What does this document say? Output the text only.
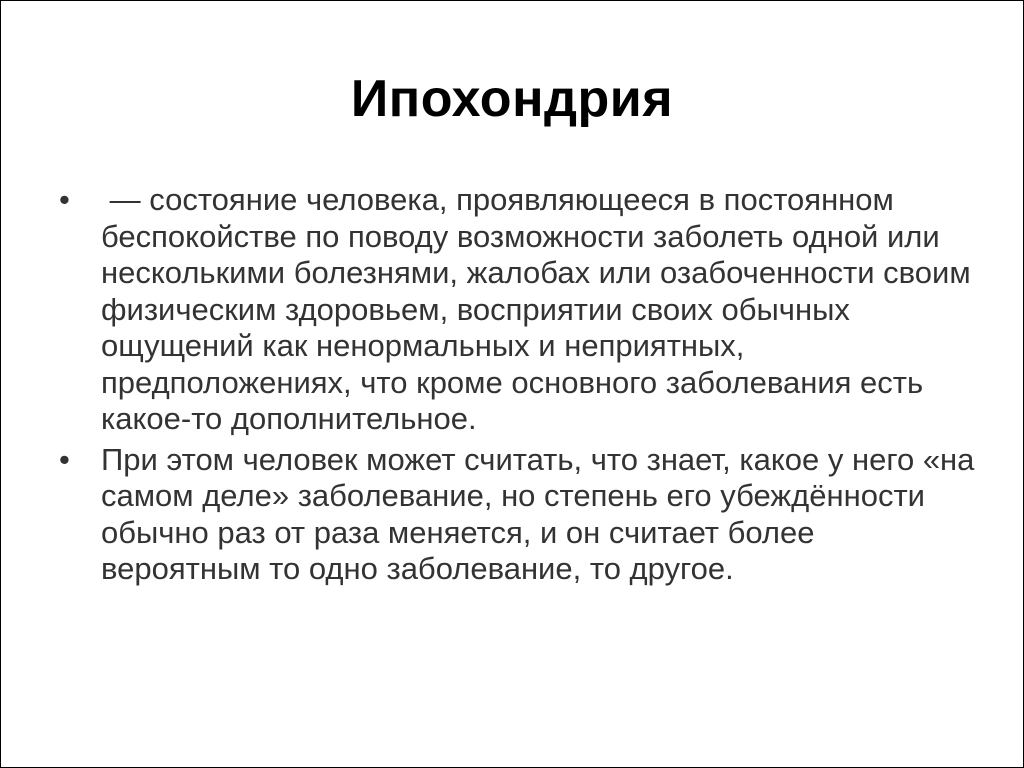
Ипохондрия
• — состояние человека, проявляющееся в постоянном беспокойстве по поводу возможности заболеть одной или несколькими болезнями, жалобах или озабоченности своим физическим здоровьем, восприятии своих обычных ощущений как ненормальных и неприятных, предположениях, что кроме основного заболевания есть какое-то дополнительное.
• При этом человек может считать, что знает, какое у него «на самом деле» заболевание, но степень его убеждённости обычно раз от раза меняется, и он считает более вероятным то одно заболевание, то другое.
